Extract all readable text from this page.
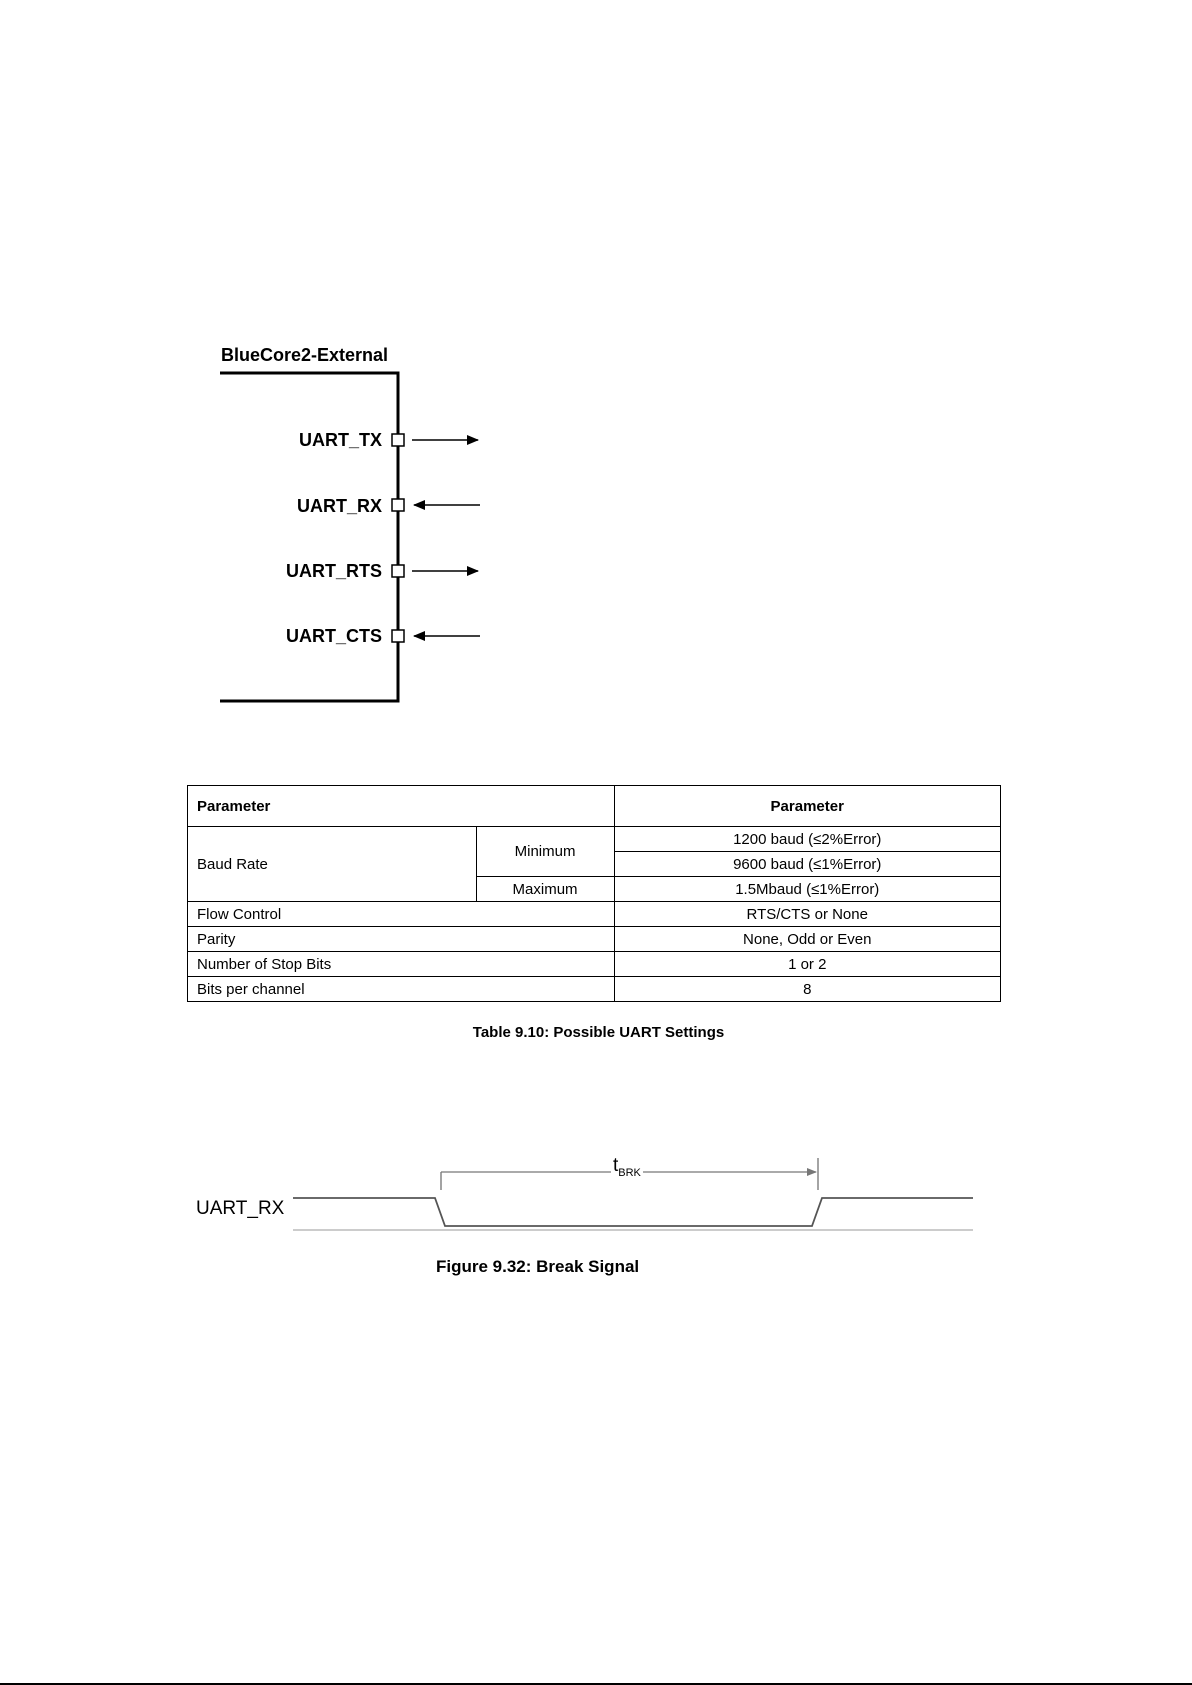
BlueCore2-External
UART_TX
UART_RX
UART_RTS
UART_CTS
Parameter		Parameter
Baud Rate	Minimum	1200 baud (≤2%Error)
		9600 baud (≤1%Error)
	Maximum	1.5Mbaud (≤1%Error)
Flow Control		RTS/CTS or None
Parity		None, Odd or Even
Number of Stop Bits		1 or 2
Bits per channel		8
Table 9.10: Possible UART Settings
UART_RX
$t_{BRK}$
Figure 9.32: Break Signal
